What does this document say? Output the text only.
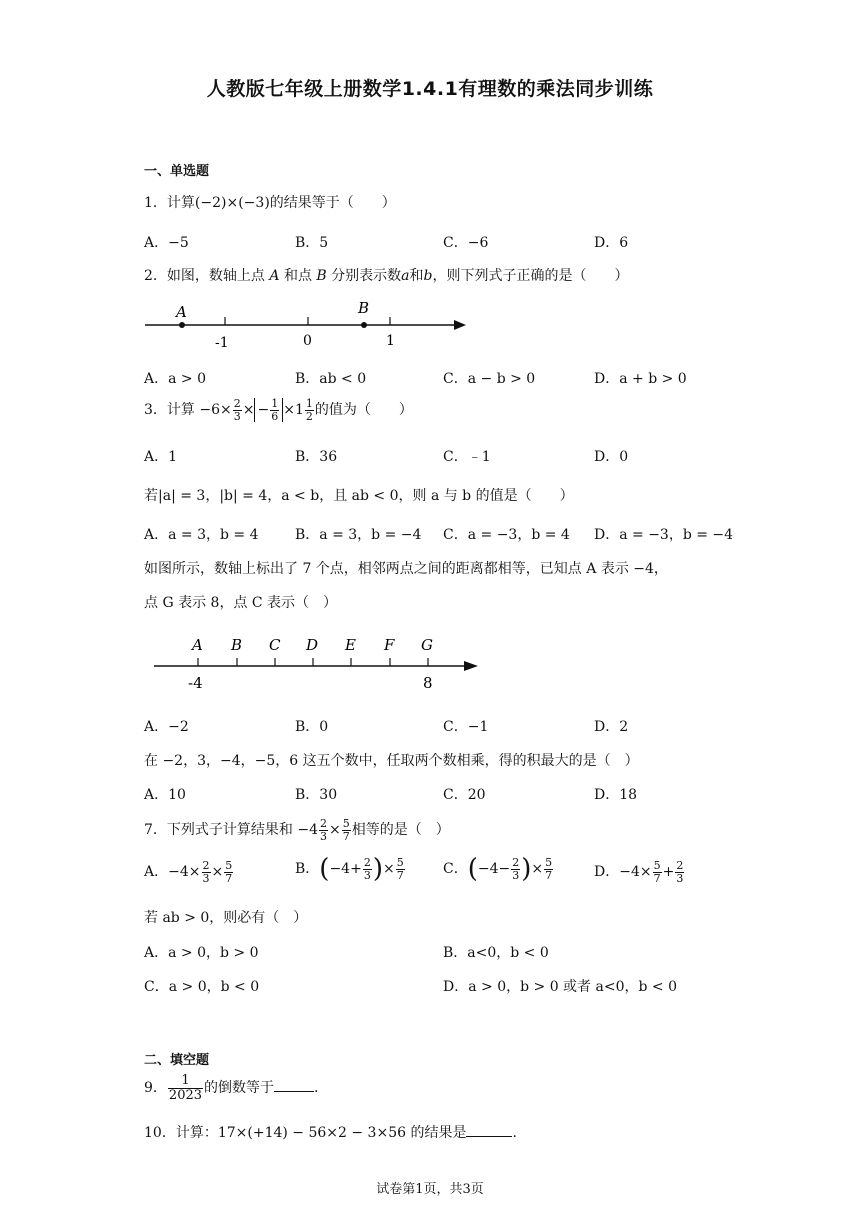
人教版七年级上册数学1.4.1有理数的乘法同步训练
一、单选题
1．计算(−2)×(−3)的结果等于（　　）
A．−5	B．5	C．−6	D．6
2．如图，数轴上点 A 和点 B 分别表示数a和b，则下列式子正确的是（　　）
A	B
-1	0	1
A．a > 0	B．ab < 0	C．a − b > 0	D．a + b > 0
3．计算 $-6\times \frac{2}{3}$ × − $\frac{1}{6} \times 1 \frac{1}{2}$ 的值为（　　）
A．1	B．36	C．﹣1	D．0
若|a| = 3，|b| = 4，a < b，且 ab < 0，则 a 与 b 的值是（　　）
A．a = 3，b = 4	B．a = 3，b = −4 C．a = −3，b = 4 D．a = −3，b = −4
如图所示，数轴上标出了 7 个点，相邻两点之间的距离都相等，已知点 A 表示 −4，
点 G 表示 8，点 C 表示（　）
A B C D E F G
-4	8
A．−2	B．0	C．−1	D．2
在 −2，3，−4，−5，6 这五个数中，任取两个数相乘，得的积最大的是（　）
A．10	B．30	C．20	D．18
7．下列式子计算结果和 $-4 \frac{2}{3} \times \frac{5}{7}$ 相等的是（　）
A．$-4\times \frac{2}{3} \times \frac{5}{7}$	B．($-4+ \frac{2}{3}$ )× $\frac{5}{7}$	C．($-4- \frac{2}{3}$ )× $\frac{5}{7}$	D．$-4\times \frac{5}{7} + \frac{2}{3}$
若 ab > 0，则必有（　）
A．a > 0，b > 0	B．a<0，b < 0
C．a > 0，b < 0	D．a > 0，b > 0 或者 a<0，b < 0
二、填空题
9． $\frac{1}{2023}$ 的倒数等于	.
10．计算：17×(+14) − 56×2 − 3×56 的结果是	.
试卷第1页，共3页
